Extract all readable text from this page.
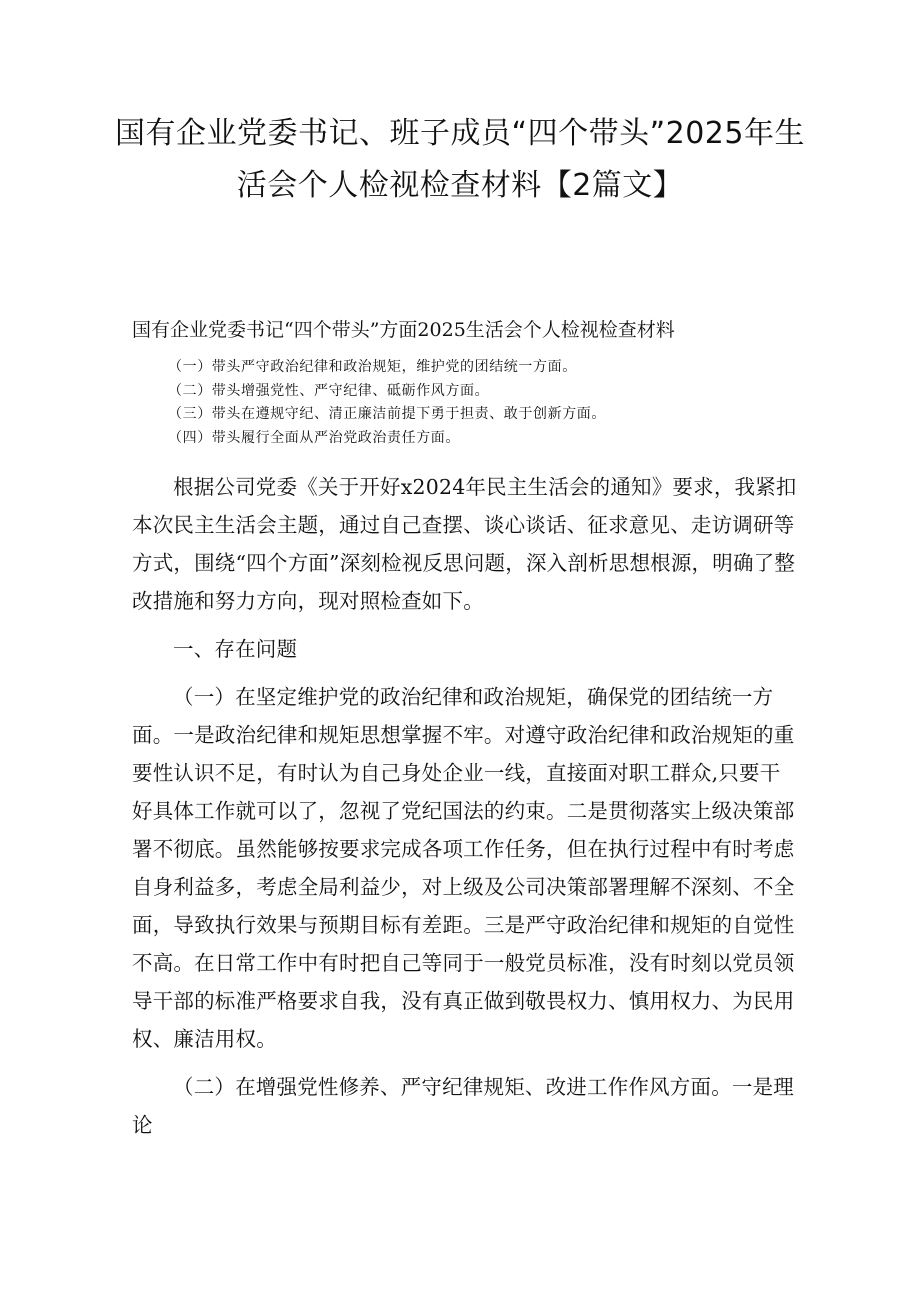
国有企业党委书记、班子成员“四个带头”2025年生
活会个人检视检查材料【2篇文】
国有企业党委书记“四个带头”方面2025生活会个人检视检查材料
（一）带头严守政治纪律和政治规矩，维护党的团结统一方面。
（二）带头增强党性、严守纪律、砥砺作风方面。
（三）带头在遵规守纪、清正廉洁前提下勇于担责、敢于创新方面。
（四）带头履行全面从严治党政治责任方面。

根据公司党委《关于开好x2024年民主生活会的通知》要求，我紧扣本次民主生活会主题，通过自己查摆、谈心谈话、征求意见、走访调研等方式，围绕“四个方面”深刻检视反思问题，深入剖析思想根源，明确了整改措施和努力方向，现对照检查如下。

一、存在问题

（一）在坚定维护党的政治纪律和政治规矩，确保党的团结统一方面。一是政治纪律和规矩思想掌握不牢。对遵守政治纪律和政治规矩的重要性认识不足，有时认为自己身处企业一线，直接面对职工群众,只要干好具体工作就可以了，忽视了党纪国法的约束。二是贯彻落实上级决策部署不彻底。虽然能够按要求完成各项工作任务，但在执行过程中有时考虑自身利益多，考虑全局利益少，对上级及公司决策部署理解不深刻、不全面，导致执行效果与预期目标有差距。三是严守政治纪律和规矩的自觉性不高。在日常工作中有时把自己等同于一般党员标准，没有时刻以党员领导干部的标准严格要求自我，没有真正做到敬畏权力、慎用权力、为民用权、廉洁用权。

（二）在增强党性修养、严守纪律规矩、改进工作作风方面。一是理论
